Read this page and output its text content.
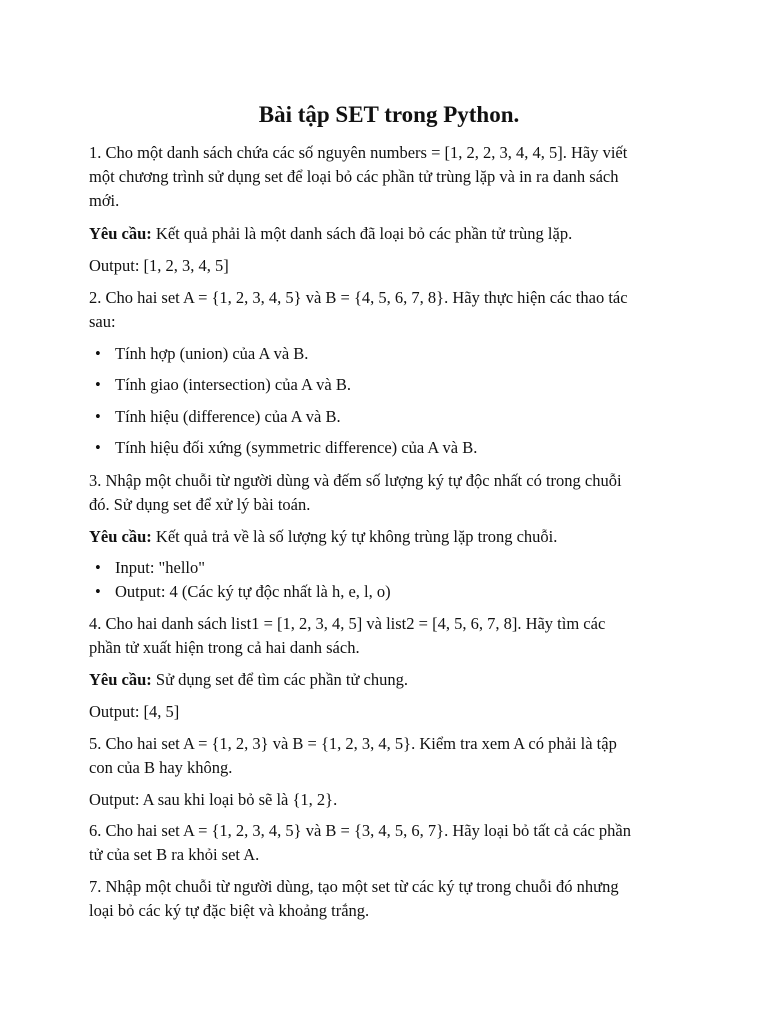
Bài tập SET trong Python.

1. Cho một danh sách chứa các số nguyên numbers = [1, 2, 2, 3, 4, 4, 5]. Hãy viết

một chương trình sử dụng set để loại bỏ các phần tử trùng lặp và in ra danh sách

mới.

Yêu cầu: Kết quả phải là một danh sách đã loại bỏ các phần tử trùng lặp.

Output: [1, 2, 3, 4, 5]

2. Cho hai set A = {1, 2, 3, 4, 5} và B = {4, 5, 6, 7, 8}. Hãy thực hiện các thao tác

sau:

• Tính hợp (union) của A và B.

• Tính giao (intersection) của A và B.

• Tính hiệu (difference) của A và B.

• Tính hiệu đối xứng (symmetric difference) của A và B.

3. Nhập một chuỗi từ người dùng và đếm số lượng ký tự độc nhất có trong chuỗi

đó. Sử dụng set để xử lý bài toán.

Yêu cầu: Kết quả trả về là số lượng ký tự không trùng lặp trong chuỗi.

• Input: "hello"

• Output: 4 (Các ký tự độc nhất là h, e, l, o)

4. Cho hai danh sách list1 = [1, 2, 3, 4, 5] và list2 = [4, 5, 6, 7, 8]. Hãy tìm các

phần tử xuất hiện trong cả hai danh sách.

Yêu cầu: Sử dụng set để tìm các phần tử chung.

Output: [4, 5]

5. Cho hai set A = {1, 2, 3} và B = {1, 2, 3, 4, 5}. Kiểm tra xem A có phải là tập

con của B hay không.

Output: A sau khi loại bỏ sẽ là {1, 2}.

6. Cho hai set A = {1, 2, 3, 4, 5} và B = {3, 4, 5, 6, 7}. Hãy loại bỏ tất cả các phần

tử của set B ra khỏi set A.

7. Nhập một chuỗi từ người dùng, tạo một set từ các ký tự trong chuỗi đó nhưng

loại bỏ các ký tự đặc biệt và khoảng trắng.
